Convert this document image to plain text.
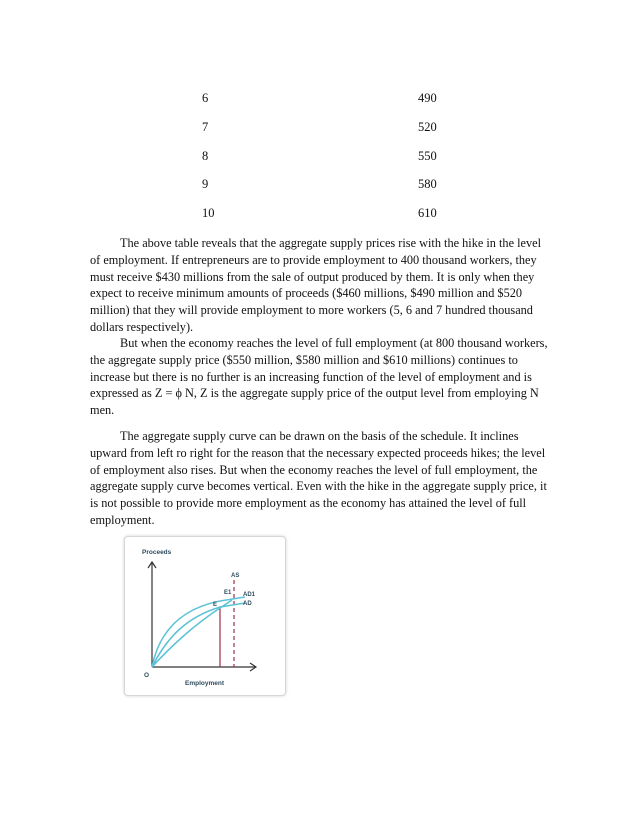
6	490
7	520
8	550
9	580
10	610

The above table reveals that the aggregate supply prices rise with the hike in the level of employment. If entrepreneurs are to provide employment to 400 thousand workers, they must receive $430 millions from the sale of output produced by them. It is only when they expect to receive minimum amounts of proceeds ($460 millions, $490 million and $520 million) that they will provide employment to more workers (5, 6 and 7 hundred thousand dollars respectively).

But when the economy reaches the level of full employment (at 800 thousand workers, the aggregate supply price ($550 million, $580 million and $610 millions) continues to increase but there is no further is an increasing function of the level of employment and is expressed as Z = ϕ N, Z is the aggregate supply price of the output level from employing N men.

The aggregate supply curve can be drawn on the basis of the schedule. It inclines upward from left ro right for the reason that the necessary expected proceeds hikes; the level of employment also rises. But when the economy reaches the level of full employment, the aggregate supply curve becomes vertical. Even with the hike in the aggregate supply price, it is not possible to provide more employment as the economy has attained the level of full employment.

Proceeds
Employment
O
AS
E1
E
AD1
AD
